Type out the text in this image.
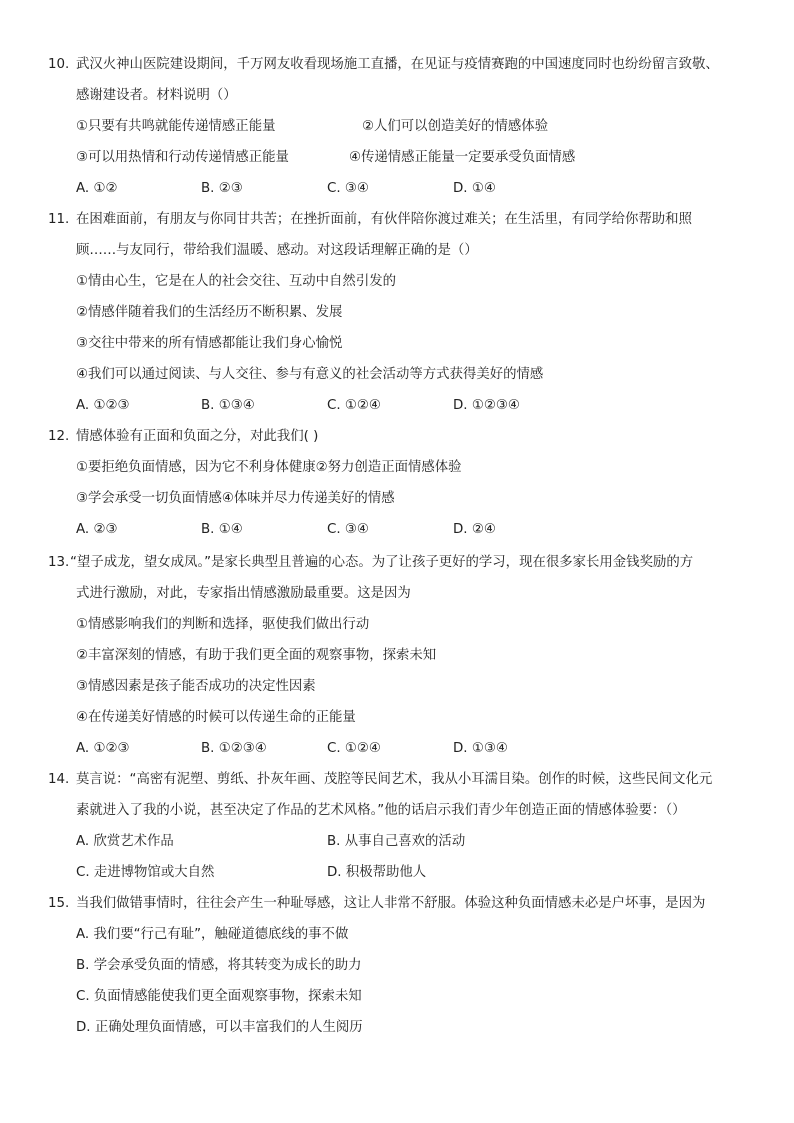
10. 武汉火神山医院建设期间，千万网友收看现场施工直播，在见证与疫情赛跑的中国速度同时也纷纷留言致敬、
感谢建设者。材料说明（）
①只要有共鸣就能传递情感正能量	②人们可以创造美好的情感体验
③可以用热情和行动传递情感正能量	④传递情感正能量一定要承受负面情感
A. ①②	B. ②③	C. ③④	D. ①④
11. 在困难面前，有朋友与你同甘共苦；在挫折面前，有伙伴陪你渡过难关；在生活里，有同学给你帮助和照
顾……与友同行，带给我们温暖、感动。对这段话理解正确的是（）
①情由心生，它是在人的社会交往、互动中自然引发的
②情感伴随着我们的生活经历不断积累、发展
③交往中带来的所有情感都能让我们身心愉悦
④我们可以通过阅读、与人交往、参与有意义的社会活动等方式获得美好的情感
A. ①②③	B. ①③④	C. ①②④	D. ①②③④
12. 情感体验有正面和负面之分，对此我们( )
①要拒绝负面情感，因为它不利身体健康②努力创造正面情感体验
③学会承受一切负面情感④体味并尽力传递美好的情感
A. ②③	B. ①④	C. ③④	D. ②④
13. “望子成龙，望女成凤。”是家长典型且普遍的心态。为了让孩子更好的学习，现在很多家长用金钱奖励的方
式进行激励，对此，专家指出情感激励最重要。这是因为
①情感影响我们的判断和选择，驱使我们做出行动
②丰富深刻的情感，有助于我们更全面的观察事物，探索未知
③情感因素是孩子能否成功的决定性因素
④在传递美好情感的时候可以传递生命的正能量
A. ①②③	B. ①②③④	C. ①②④	D. ①③④
14. 莫言说：“高密有泥塑、剪纸、扑灰年画、茂腔等民间艺术，我从小耳濡目染。创作的时候，这些民间文化元
素就进入了我的小说，甚至决定了作品的艺术风格。”他的话启示我们青少年创造正面的情感体验要：（）
A. 欣赏艺术作品	B. 从事自己喜欢的活动
C. 走进博物馆或大自然	D. 积极帮助他人
15. 当我们做错事情时，往往会产生一种耻辱感，这让人非常不舒服。体验这种负面情感未必是户坏事，是因为
A. 我们要“行己有耻”，触碰道德底线的事不做
B. 学会承受负面的情感，将其转变为成长的助力
C. 负面情感能使我们更全面观察事物，探索未知
D. 正确处理负面情感，可以丰富我们的人生阅历
